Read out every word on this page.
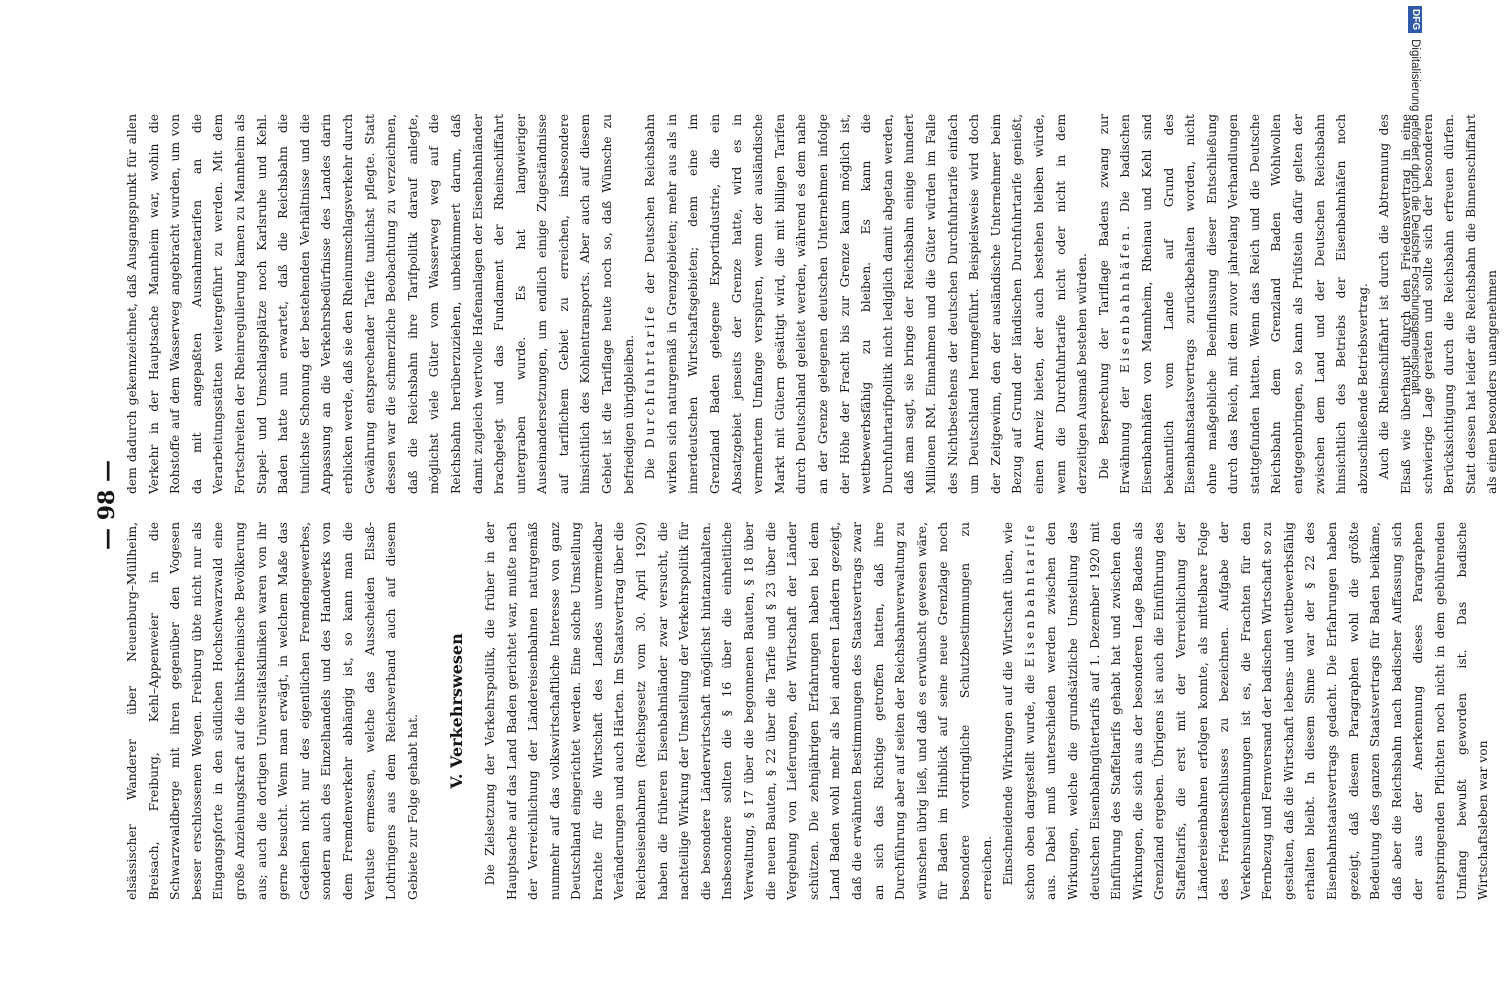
— 98 —

elsässischer Wanderer über Neuenburg–Müllheim, Breisach, Freiburg, Kehl–Appenweier in die Schwarzwaldberge mit ihren gegenüber den Vogesen besser erschlossenen Wegen. Freiburg übte nicht nur als Eingangspforte in den südlichen Hochschwarzwald eine große Anziehungskraft auf die linksrheinische Bevölkerung aus; auch die dortigen Universitätskliniken waren von ihr gerne besucht. Wenn man erwägt, in welchem Maße das Gedeihen nicht nur des eigentlichen Fremdengewerbes, sondern auch des Einzelhandels und des Handwerks von dem Fremdenverkehr abhängig ist, so kann man die Verluste ermessen, welche das Ausscheiden Elsaß-Lothringens aus dem Reichsverband auch auf diesem Gebiete zur Folge gehabt hat.

V. Verkehrswesen Die Zielsetzung der Verkehrspolitik, die früher in der Hauptsache auf das Land Baden gerichtet war, mußte nach der Verreichlichung der Ländereisenbahnen naturgemäß nunmehr auf das volkswirtschaftliche Interesse von ganz Deutschland eingerichtet werden. Eine solche Umstellung brachte für die Wirtschaft des Landes unvermeidbar Veränderungen und auch Härten. Im Staatsvertrag über die Reichseisenbahnen (Reichsgesetz vom 30. April 1920) haben die früheren Eisenbahnländer zwar versucht, die nachteilige Wirkung der Umstellung der Verkehrspolitik für die besondere Länderwirtschaft möglichst hintanzuhalten. Insbesondere sollten die § 16 über die einheitliche Verwaltung, § 17 über die begonnenen Bauten, § 18 über die neuen Bauten, § 22 über die Tarife und § 23 über die Vergebung von Lieferungen, der Wirtschaft der Länder schützen. Die zehnjährigen Erfahrungen haben bei dem Land Baden wohl mehr als bei anderen Ländern gezeigt, daß die erwähnten Bestimmungen des Staatsvertrags zwar an sich das Richtige getroffen hatten, daß ihre Durchführung aber auf seiten der Reichsbahnverwaltung zu wünschen übrig ließ, und daß es erwünscht gewesen wäre, für Baden im Hinblick auf seine neue Grenzlage noch besondere vordringliche Schutzbestimmungen zu erreichen. Einschneidende Wirkungen auf die Wirtschaft üben, wie schon oben dargestellt wurde, die Eisenbahntarife aus. Dabei muß unterschieden werden zwischen den Wirkungen, welche die grundsätzliche Umstellung des deutschen Eisenbahngütertarifs auf 1. Dezember 1920 mit Einführung des Staffeltarifs gehabt hat und zwischen den Wirkungen, die sich aus der besonderen Lage Badens als Grenzland ergeben. Übrigens ist auch die Einführung des Staffeltarifs, die erst mit der Verreichlichung der Ländereisenbahnen erfolgen konnte, als mittelbare Folge des Friedensschlusses zu bezeichnen. Aufgabe der Verkehrsunternehmungen ist es, die Frachten für den Fernbezug und Fernversand der badischen Wirtschaft so zu gestalten, daß die Wirtschaft lebens- und wettbewerbsfähig erhalten bleibt. In diesem Sinne war der § 22 des Eisenbahnstaatsvertrags gedacht. Die Erfahrungen haben gezeigt, daß diesem Paragraphen wohl die größte Bedeutung des ganzen Staatsvertrags für Baden beikäme, daß aber die Reichsbahn nach badischer Auffassung sich der aus der Anerkennung dieses Paragraphen entspringenden Pflichten noch nicht in dem gebührenden Umfang bewußt geworden ist. Das badische Wirtschaftsleben war von

dem dadurch gekennzeichnet, daß Ausgangspunkt für allen Verkehr in der Hauptsache Mannheim war, wohin die Rohstoffe auf dem Wasserweg angebracht wurden, um von da mit angepaßten Ausnahmetarifen an die Verarbeitungsstätten weitergeführt zu werden. Mit dem Fortschreiten der Rheinregulierung kamen zu Mannheim als Stapel- und Umschlagsplätze noch Karlsruhe und Kehl. Baden hatte nun erwartet, daß die Reichsbahn die tunlichste Schonung der bestehenden Verhältnisse und die Anpassung an die Verkehrsbedürfnisse des Landes darin erblicken werde, daß sie den Rheinumschlagsverkehr durch Gewährung entsprechender Tarife tunlichst pflegte. Statt dessen war die schmerzliche Beobachtung zu verzeichnen, daß die Reichsbahn ihre Tarifpolitik darauf anlegte, möglichst viele Güter vom Wasserweg weg auf die Reichsbahn herüberzuziehen, unbekümmert darum, daß damit zugleich wertvolle Hafenanlagen der Eisenbahnländer brachgelegt und das Fundament der Rheinschiffahrt untergraben wurde. Es hat langwieriger Auseinandersetzungen, um endlich einige Zugeständnisse auf tariflichem Gebiet zu erreichen, insbesondere hinsichtlich des Kohlentransports. Aber auch auf diesem Gebiet ist die Tariflage heute noch so, daß Wünsche zu befriedigen übrigbleiben. Die Durchfuhrtarife der Deutschen Reichsbahn wirken sich naturgemäß in Grenzgebieten; mehr aus als in innerdeutschen Wirtschaftsgebieten; denn eine im Grenzland Baden gelegene Exportindustrie, die ein Absatzgebiet jenseits der Grenze hatte, wird es in vermehrtem Umfange verspüren, wenn der ausländische Markt mit Gütern gesättigt wird, die mit billigen Tarifen durch Deutschland geleitet werden, während es dem nahe an der Grenze gelegenen deutschen Unternehmen infolge der Höhe der Fracht bis zur Grenze kaum möglich ist, wettbewerbsfähig zu bleiben. Es kann die Durchfuhrtarifpolitik nicht lediglich damit abgetan werden, daß man sagt, sie bringe der Reichsbahn einige hundert Millionen RM. Einnahmen und die Güter würden im Falle des Nichtbestehens der deutschen Durchfuhrtarife einfach um Deutschland herumgeführt. Beispielsweise wird doch der Zeitgewinn, den der ausländische Unternehmer beim Bezug auf Grund der ländischen Durchfuhrtarife genießt, einen Anreiz bieten, der auch bestehen bleiben würde, wenn die Durchfuhrtarife nicht oder nicht in dem derzeitigen Ausmaß bestehen würden. Die Besprechung der Tariflage Badens zwang zur Erwähnung der Eisenbahnhäfen. Die badischen Eisenbahnhäfen von Mannheim, Rheinau und Kehl sind bekanntlich vom Lande auf Grund des Eisenbahnstaatsvertrags zurückbehalten worden, nicht ohne maßgebliche Beeinflussung dieser Entschließung durch das Reich, mit dem zuvor jahrelang Verhandlungen stattgefunden hatten. Wenn das Reich und die Deutsche Reichsbahn dem Grenzland Baden Wohlwollen entgegenbringen, so kann als Prüfstein dafür gelten der zwischen dem Land und der Deutschen Reichsbahn hinsichtlich des Betriebs der Eisenbahnhäfen noch abzuschließende Betriebsvertrag. Auch die Rheinschiffahrt ist durch die Abtrennung des Elsaß wie überhaupt durch den Friedensvertrag in eine schwierige Lage geraten und sollte sich der besonderen Berücksichtigung durch die Reichsbahn erfreuen dürfen. Statt dessen hat leider die Reichsbahn die Binnenschiffahrt als einen besonders unangenehmen

DFGDigitalisierung gefördert durch die Deutsche Forschungsgemeinschaft
